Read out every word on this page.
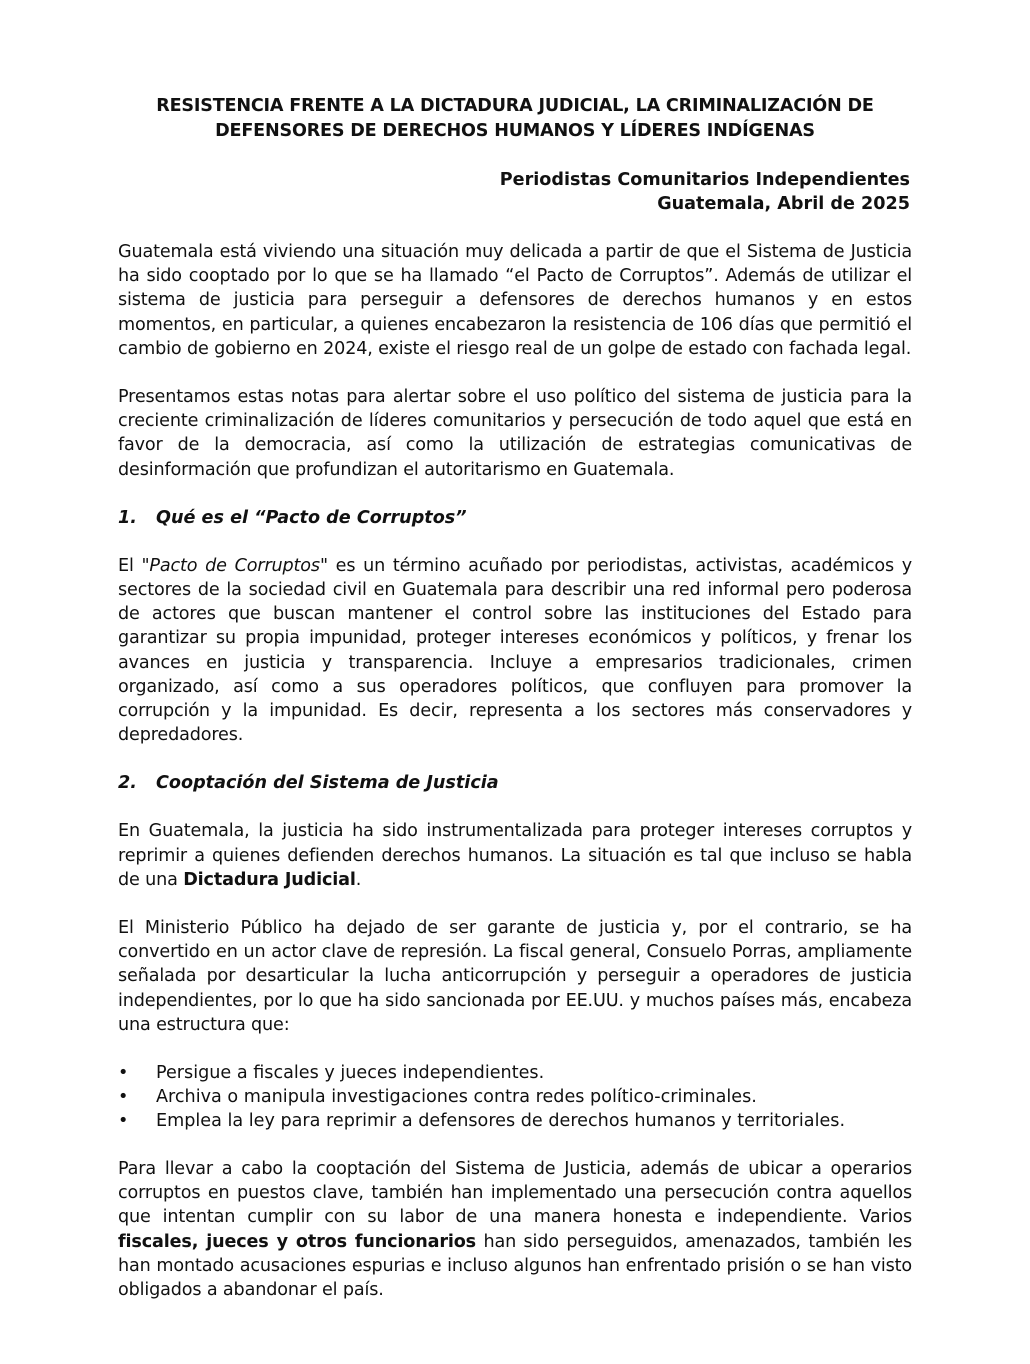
RESISTENCIA FRENTE A LA DICTADURA JUDICIAL, LA CRIMINALIZACIÓN DE
DEFENSORES DE DERECHOS HUMANOS Y LÍDERES INDÍGENAS
Periodistas Comunitarios Independientes
Guatemala, Abril de 2025

Guatemala está viviendo una situación muy delicada a partir de que el Sistema de Justicia ha sido cooptado por lo que se ha llamado “el Pacto de Corruptos”. Además de utilizar el sistema de justicia para perseguir a defensores de derechos humanos y en estos momentos, en particular, a quienes encabezaron la resistencia de 106 días que permitió el cambio de gobierno en 2024, existe el riesgo real de un golpe de estado con fachada legal.

Presentamos estas notas para alertar sobre el uso político del sistema de justicia para la creciente criminalización de líderes comunitarios y persecución de todo aquel que está en favor de la democracia, así como la utilización de estrategias comunicativas de desinformación que profundizan el autoritarismo en Guatemala.

1. Qué es el “Pacto de Corruptos”

El "Pacto de Corruptos" es un término acuñado por periodistas, activistas, académicos y sectores de la sociedad civil en Guatemala para describir una red informal pero poderosa de actores que buscan mantener el control sobre las instituciones del Estado para garantizar su propia impunidad, proteger intereses económicos y políticos, y frenar los avances en justicia y transparencia. Incluye a empresarios tradicionales, crimen organizado, así como a sus operadores políticos, que confluyen para promover la corrupción y la impunidad. Es decir, representa a los sectores más conservadores y depredadores.

2. Cooptación del Sistema de Justicia

En Guatemala, la justicia ha sido instrumentalizada para proteger intereses corruptos y reprimir a quienes defienden derechos humanos. La situación es tal que incluso se habla de una Dictadura Judicial.

El Ministerio Público ha dejado de ser garante de justicia y, por el contrario, se ha convertido en un actor clave de represión. La fiscal general, Consuelo Porras, ampliamente señalada por desarticular la lucha anticorrupción y perseguir a operadores de justicia independientes, por lo que ha sido sancionada por EE.UU. y muchos países más, encabeza una estructura que:

•	Persigue a fiscales y jueces independientes.
•	Archiva o manipula investigaciones contra redes político-criminales.
•	Emplea la ley para reprimir a defensores de derechos humanos y territoriales.

Para llevar a cabo la cooptación del Sistema de Justicia, además de ubicar a operarios corruptos en puestos clave, también han implementado una persecución contra aquellos que intentan cumplir con su labor de una manera honesta e independiente. Varios fiscales, jueces y otros funcionarios han sido perseguidos, amenazados, también les han montado acusaciones espurias e incluso algunos han enfrentado prisión o se han visto obligados a abandonar el país.
